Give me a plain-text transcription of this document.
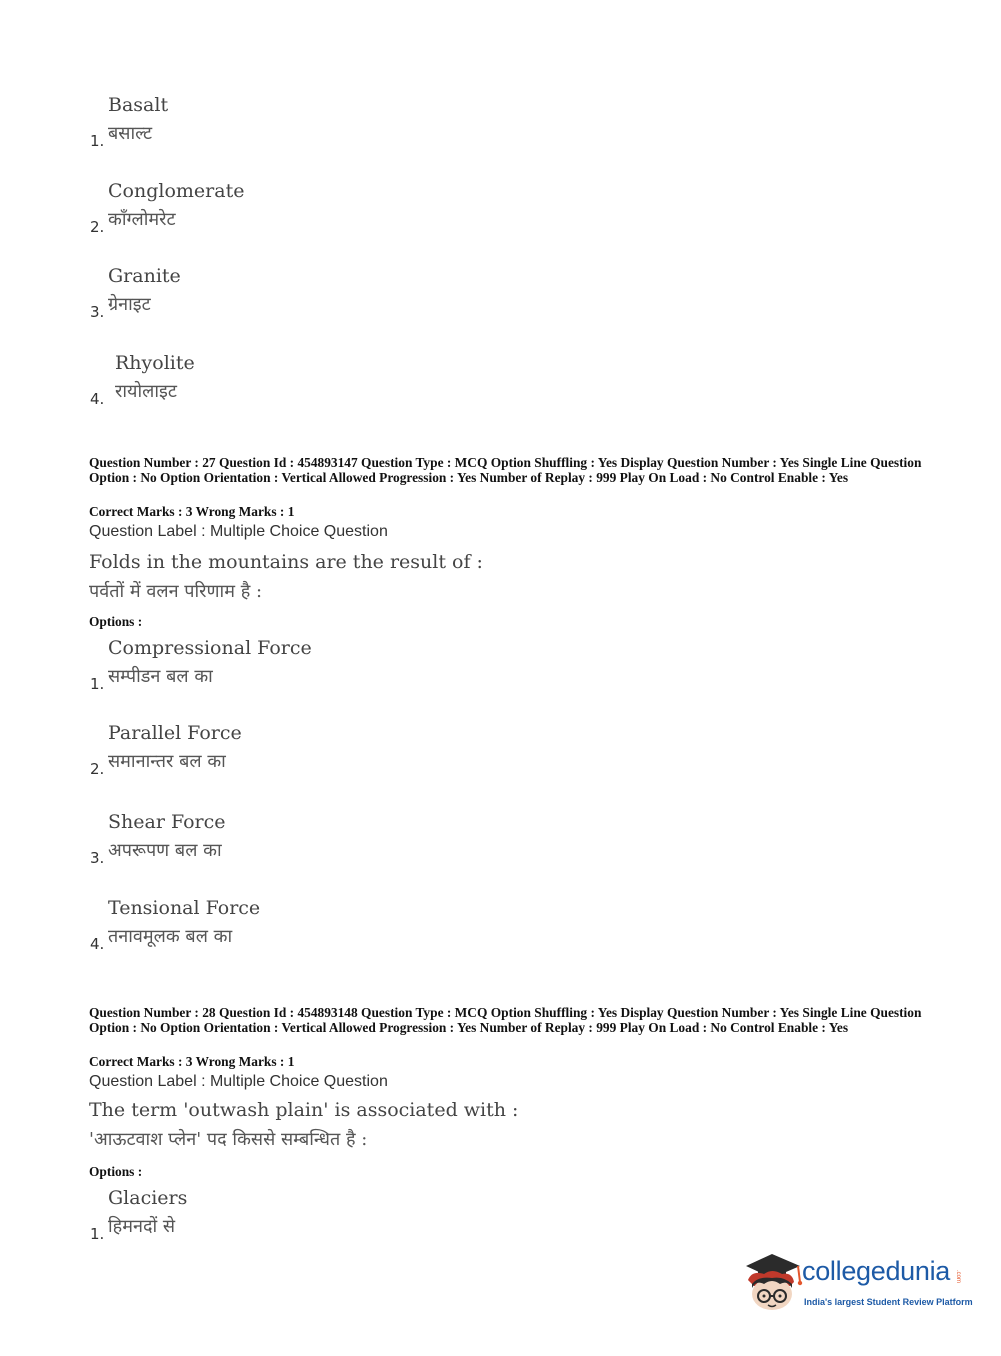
Basalt
बसाल्ट
1.
Conglomerate
कॉंग्लोमरेट
2.
Granite
ग्रेनाइट
3.
Rhyolite
रायोलाइट
4.
Question Number : 27 Question Id : 454893147 Question Type : MCQ Option Shuffling : Yes Display Question Number : Yes Single Line Question Option : No Option Orientation : Vertical Allowed Progression : Yes Number of Replay : 999 Play On Load : No Control Enable : Yes
Correct Marks : 3 Wrong Marks : 1
Question Label : Multiple Choice Question
Folds in the mountains are the result of :
पर्वतों में वलन परिणाम है :
Options :
Compressional Force
सम्पीडन बल का
1.
Parallel Force
समानान्तर बल का
2.
Shear Force
अपरूपण बल का
3.
Tensional Force
तनावमूलक बल का
4.
Question Number : 28 Question Id : 454893148 Question Type : MCQ Option Shuffling : Yes Display Question Number : Yes Single Line Question Option : No Option Orientation : Vertical Allowed Progression : Yes Number of Replay : 999 Play On Load : No Control Enable : Yes
Correct Marks : 3 Wrong Marks : 1
Question Label : Multiple Choice Question
The term 'outwash plain' is associated with :
'आऊटवाश प्लेन' पद किससे सम्बन्धित है :
Options :
Glaciers
हिमनदों से
1.
collegedunia .com
India's largest Student Review Platform
